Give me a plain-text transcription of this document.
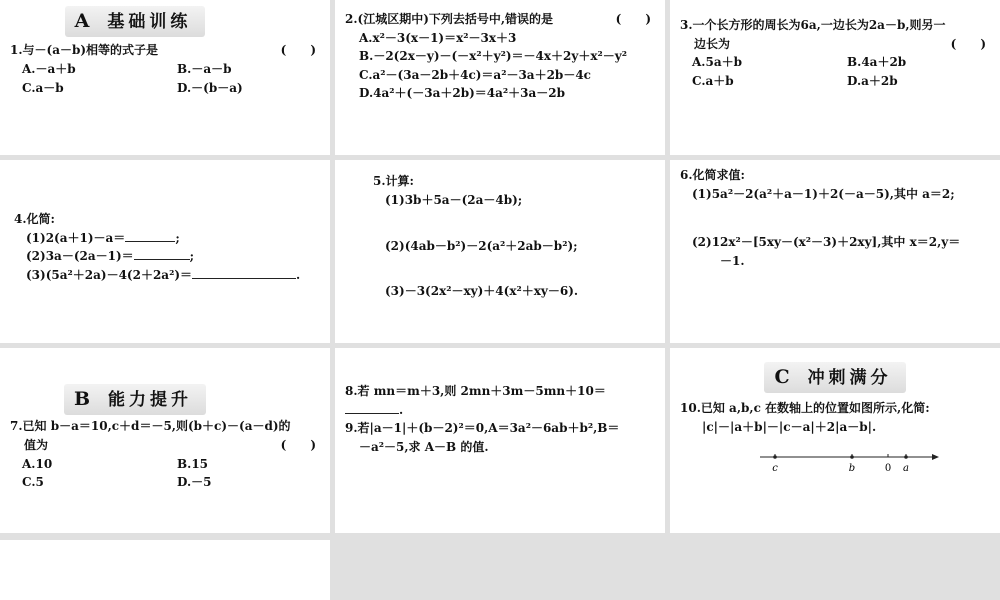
A 基础训练

1.与－(a－b)相等的式子是	(　　)

A.－a＋b	B.－a－b
C.a－b	D.－(b－a)

2.(江城区期中)下列去括号中,错误的是	(　　)

A.x²－3(x－1)＝x²－3x＋3
B.－2(2x－y)－(－x²＋y²)＝－4x＋2y＋x²－y²
C.a²－(3a－2b＋4c)＝a²－3a＋2b－4c
D.4a²＋(－3a＋2b)＝4a²＋3a－2b

3.一个长方形的周长为6a,一边长为2a－b,则另一

边长为	(　　)

A.5a＋b	B.4a＋2b
C.a＋b	D.a＋2b

4.化简:

(1)2(a＋1)－a＝	;
(2)3a－(2a－1)＝	;
(3)(5a²＋2a)－4(2＋2a²)＝	.

5.计算:

(1)3b＋5a－(2a－4b);
(2)(4ab－b²)－2(a²＋2ab－b²);
(3)－3(2x²－xy)＋4(x²＋xy－6).

6.化简求值:

(1)5a²－2(a²＋a－1)＋2(－a－5),其中 a＝2;
(2)12x²－[5xy－(x²－3)＋2xy],其中 x＝2,y＝
－1.
B 能力提升

7.已知 b－a＝10,c＋d＝－5,则(b＋c)－(a－d)的

值为	(　　)

A.10	B.15
C.5	D.－5

8.若 mn＝m＋3,则 2mn＋3m－5mn＋10＝.

9.若|a－1|＋(b－2)²＝0,A＝3a²－6ab＋b²,B＝

－a²－5,求 A－B 的值.

C 冲刺满分

10.已知 a,b,c 在数轴上的位置如图所示,化简:

|c|－|a＋b|－|c－a|＋2|a－b|.

c	b	0 a
